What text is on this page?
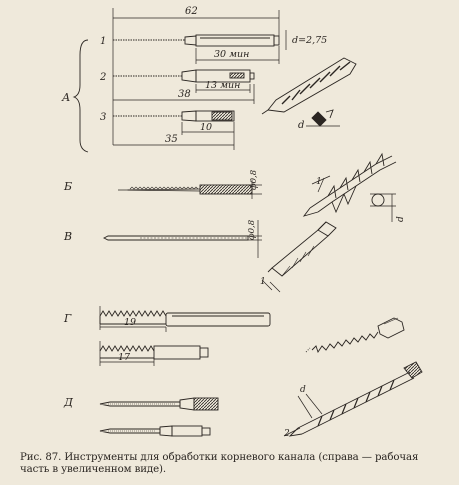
А
1
2
3
62
d=2,75
30 мин
13 мин
38
10
35
d
Б	ф0,8	1
d
В	ф0,8
1
Г	19
17
Д
d
2
Рис. 87. Инструменты для обработки корневого канала (справа — рабочая часть в увеличенном виде).
